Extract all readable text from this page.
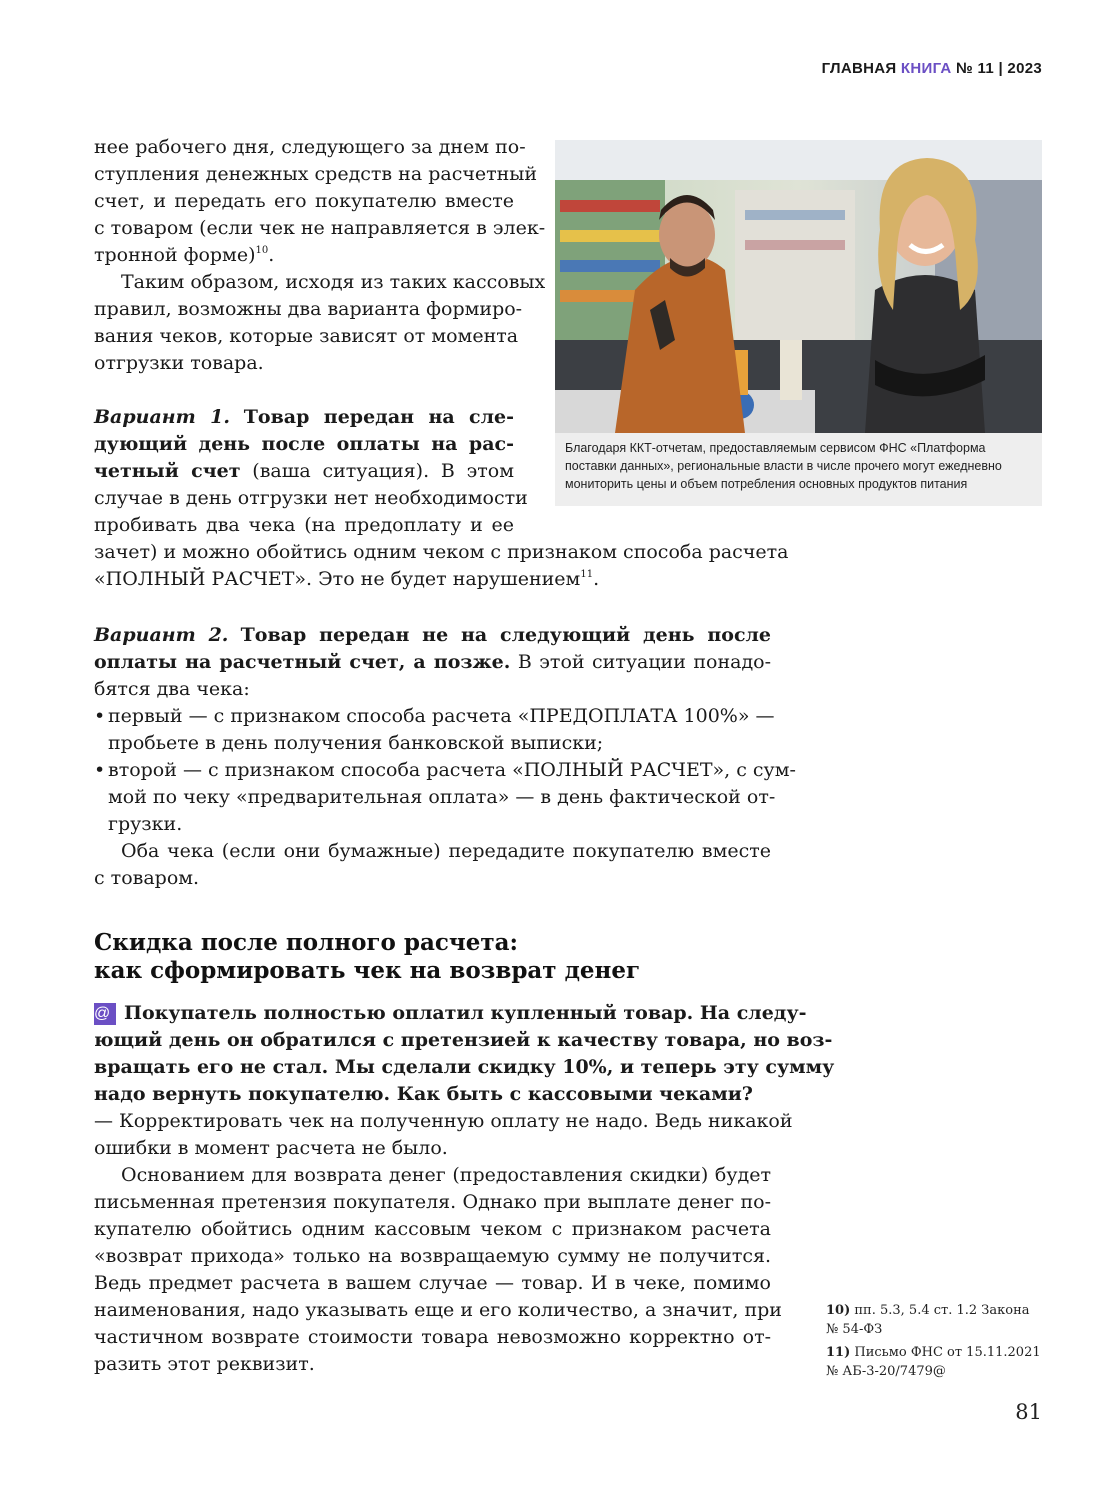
ГЛАВНАЯ КНИГА № 11 | 2023
нее рабочего дня, следующего за днем по-
ступления денежных средств на расчетный
счет, и передать его покупателю вместе
с товаром (если чек не направляется в элек-
тронной форме)$^{10}$.
Таким образом, исходя из таких кассовых
правил, возможны два варианта формиро-
вания чеков, которые зависят от момента
отгрузки товара.
Вариант 1. Товар передан на сле-
дующий день после оплаты на рас-
четный счет (ваша ситуация). В этом
случае в день отгрузки нет необходимости
пробивать два чека (на предоплату и ее
зачет) и можно обойтись одним чеком с признаком способа расчета
«ПОЛНЫЙ РАСЧЕТ». Это не будет нарушением$^{11}$.
Благодаря ККТ-отчетам, предоставляемым сервисом ФНС «Платформа
поставки данных», региональные власти в числе прочего могут ежедневно
мониторить цены и объем потребления основных продуктов питания
Вариант 2. Товар передан не на следующий день после
оплаты на расчетный счет, а позже. В этой ситуации понадо-
бятся два чека:
• первый — с признаком способа расчета «ПРЕДОПЛАТА 100%» —
пробьете в день получения банковской выписки;
• второй — с признаком способа расчета «ПОЛНЫЙ РАСЧЕТ», с сум-
мой по чеку «предварительная оплата» — в день фактической от-
грузки.
Оба чека (если они бумажные) передадите покупателю вместе
с товаром.
Скидка после полного расчета:
как сформировать чек на возврат денег
@ Покупатель полностью оплатил купленный товар. На следу-
ющий день он обратился с претензией к качеству товара, но воз-
вращать его не стал. Мы сделали скидку 10%, и теперь эту сумму
надо вернуть покупателю. Как быть с кассовыми чеками?
— Корректировать чек на полученную оплату не надо. Ведь никакой
ошибки в момент расчета не было.
Основанием для возврата денег (предоставления скидки) будет
письменная претензия покупателя. Однако при выплате денег по-
купателю обойтись одним кассовым чеком с признаком расчета
«возврат прихода» только на возвращаемую сумму не получится.
Ведь предмет расчета в вашем случае — товар. И в чеке, помимо
наименования, надо указывать еще и его количество, а значит, при
частичном возврате стоимости товара невозможно корректно от-
разить этот реквизит.
10) пп. 5.3, 5.4 ст. 1.2 Закона
№ 54-ФЗ
11) Письмо ФНС от 15.11.2021
№ АБ-3-20/7479@
81
